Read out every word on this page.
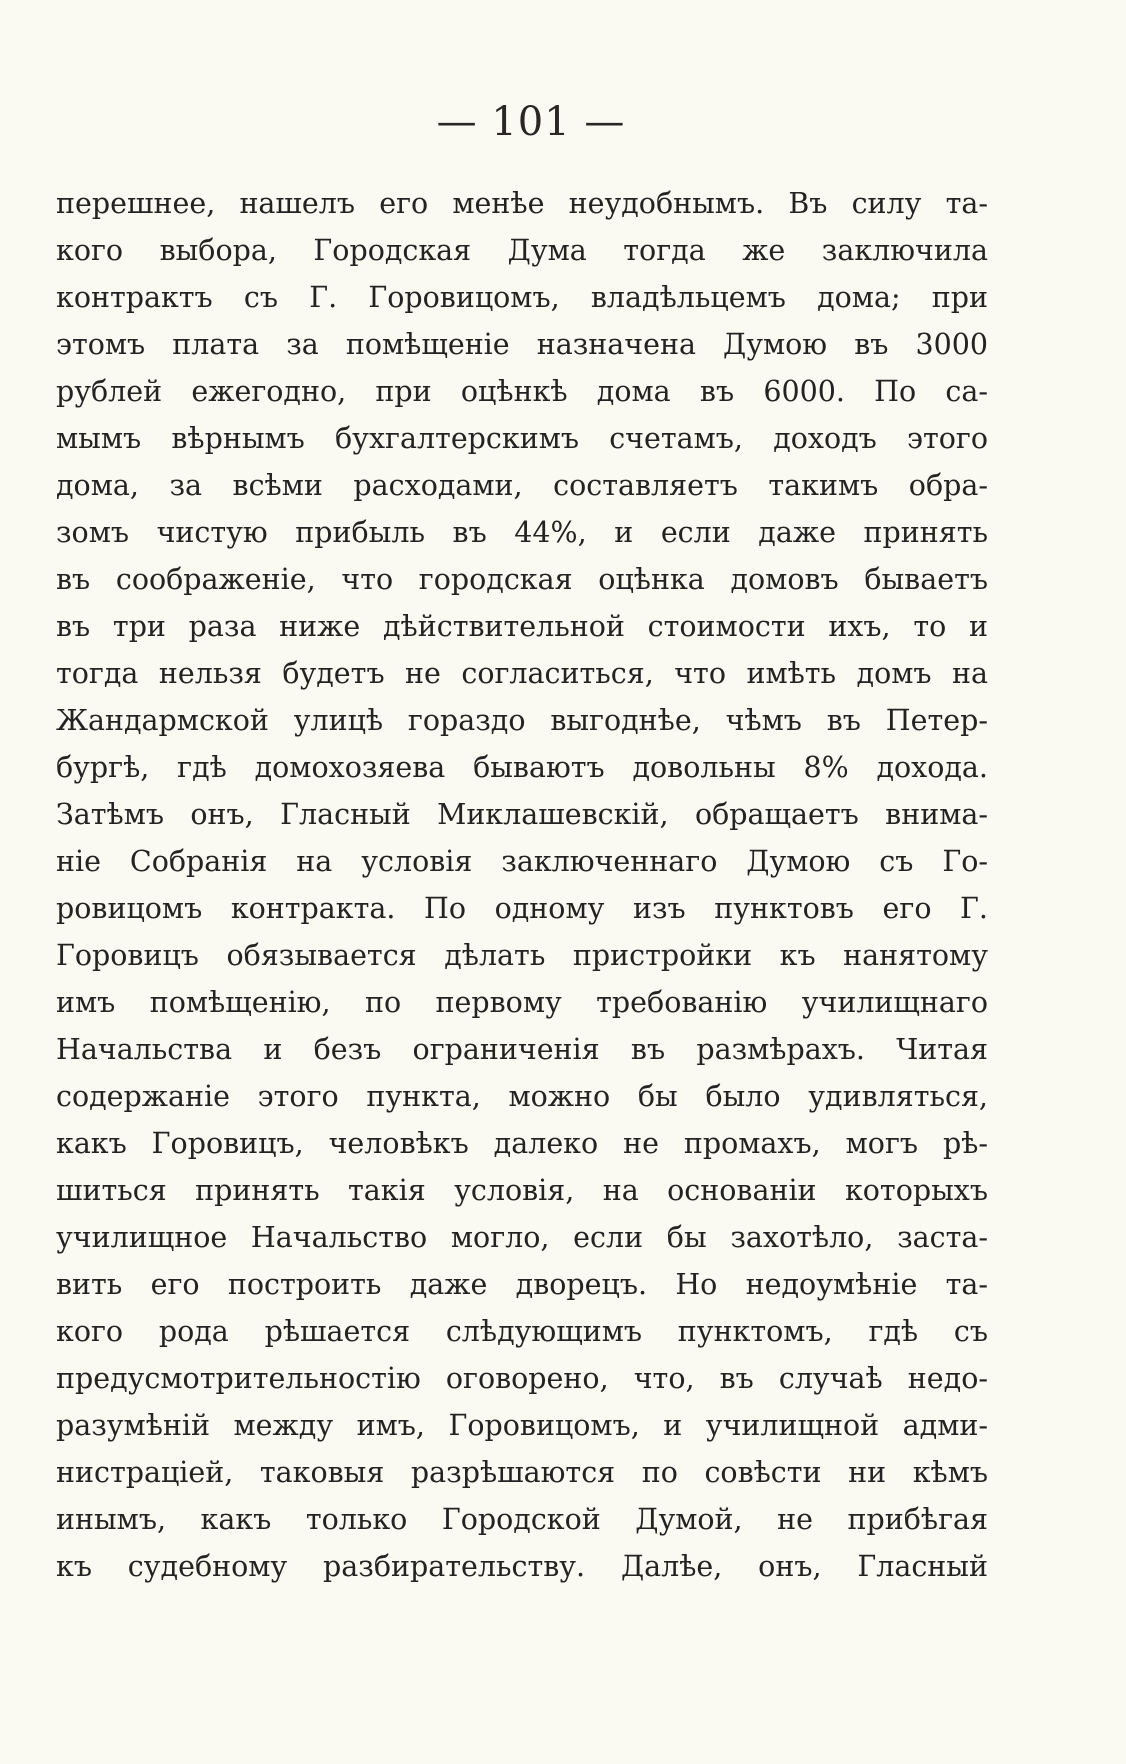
— 101 —
перешнее, нашелъ его менѣе неудобнымъ. Въ силу та-
кого выбора, Городская Дума тогда же заключила
контрактъ съ Г. Горовицомъ, владѣльцемъ дома; при
этомъ плата за помѣщеніе назначена Думою въ 3000
рублей ежегодно, при оцѣнкѣ дома въ 6000. По са-
мымъ вѣрнымъ бухгалтерскимъ счетамъ, доходъ этого
дома, за всѣми расходами, составляетъ такимъ обра-
зомъ чистую прибыль въ 44%, и если даже принять
въ соображеніе, что городская оцѣнка домовъ бываетъ
въ три раза ниже дѣйствительной стоимости ихъ, то и
тогда нельзя будетъ не согласиться, что имѣть домъ на
Жандармской улицѣ гораздо выгоднѣе, чѣмъ въ Петер-
бургѣ, гдѣ домохозяева бываютъ довольны 8% дохода.
Затѣмъ онъ, Гласный Миклашевскій, обращаетъ внима-
ніе Собранія на условія заключеннаго Думою съ Го-
ровицомъ контракта. По одному изъ пунктовъ его Г.
Горовицъ обязывается дѣлать пристройки къ нанятому
имъ помѣщенію, по первому требованію училищнаго
Начальства и безъ ограниченія въ размѣрахъ. Читая
содержаніе этого пункта, можно бы было удивляться,
какъ Горовицъ, человѣкъ далеко не промахъ, могъ рѣ-
шиться принять такія условія, на основаніи которыхъ
училищное Начальство могло, если бы захотѣло, заста-
вить его построить даже дворецъ. Но недоумѣніе та-
кого рода рѣшается слѣдующимъ пунктомъ, гдѣ съ
предусмотрительностію оговорено, что, въ случаѣ недо-
разумѣній между имъ, Горовицомъ, и училищной адми-
нистраціей, таковыя разрѣшаются по совѣсти ни кѣмъ
инымъ, какъ только Городской Думой, не прибѣгая
къ судебному разбирательству. Далѣе, онъ, Гласный
